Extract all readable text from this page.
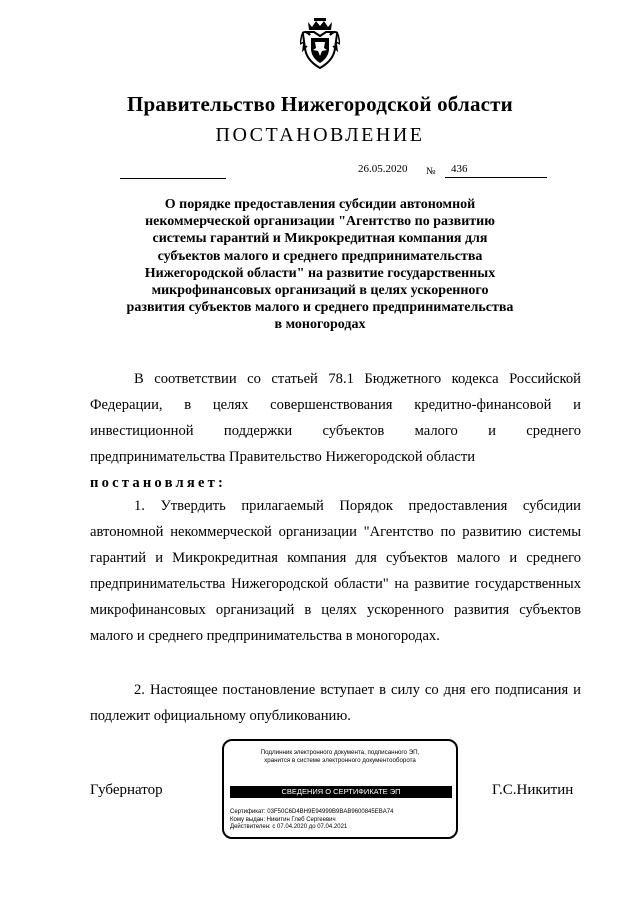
Правительство Нижегородской области
ПОСТАНОВЛЕНИЕ
26.05.2020 №	436
О порядке предоставления субсидии автономной
некоммерческой организации "Агентство по развитию
системы гарантий и Микрокредитная компания для
субъектов малого и среднего предпринимательства
Нижегородской области" на развитие государственных
микрофинансовых организаций в целях ускоренного
развития субъектов малого и среднего предпринимательства
в моногородах

В соответствии со статьей 78.1 Бюджетного кодекса Российской Федерации, в целях совершенствования кредитно-финансовой и инвестиционной поддержки субъектов малого и среднего предпринимательства Правительство Нижегородской области

постановляет:

1. Утвердить прилагаемый Порядок предоставления субсидии автономной некоммерческой организации "Агентство по развитию системы гарантий и Микрокредитная компания для субъектов малого и среднего предпринимательства Нижегородской области" на развитие государственных микрофинансовых организаций в целях ускоренного развития субъектов малого и среднего предпринимательства в моногородах.

2. Настоящее постановление вступает в силу со дня его подписания и подлежит официальному опубликованию.

Губернатор	Г.С.Никитин
Подлинник электронного документа, подписанного ЭП,
хранится в системе электронного документооборота
СВЕДЕНИЯ О СЕРТИФИКАТЕ ЭП
Сертификат: 03F50C6D4BH9E94999B9BAB9600845EBA74
Кому выдан: Никитин Глеб Сергеевич
Действителен: с 07.04.2020 до 07.04.2021
